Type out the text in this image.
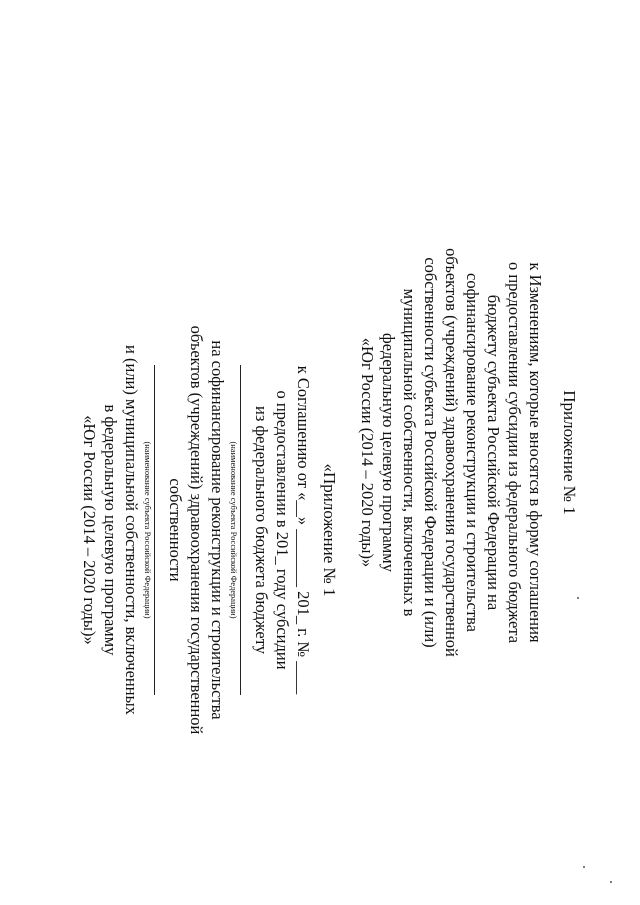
Приложение № 1
к Изменениям, которые вносятся в форму соглашения
о предоставлении субсидии из федерального бюджета
бюджету субъекта Российской Федерации на
софинансирование реконструкции и строительства
объектов (учреждений) здравоохранения государственной
собственности субъекта Российской Федерации и (или)
муниципальной собственности, включенных в
федеральную целевую программу
«Юг России (2014 – 2020 годы)»
«Приложение № 1
к Соглашению от «__» _______ 201_ г. № ____
о предоставлении в 201_ году субсидии
из федерального бюджета бюджету
(наименование субъекта Российской Федерации)
на софинансирование реконструкции и строительства
объектов (учреждений) здравоохранения государственной
собственности
(наименование субъекта Российской Федерации)
и (или) муниципальной собственности, включенных
в федеральную целевую программу
«Юг России (2014 – 2020 годы)»
